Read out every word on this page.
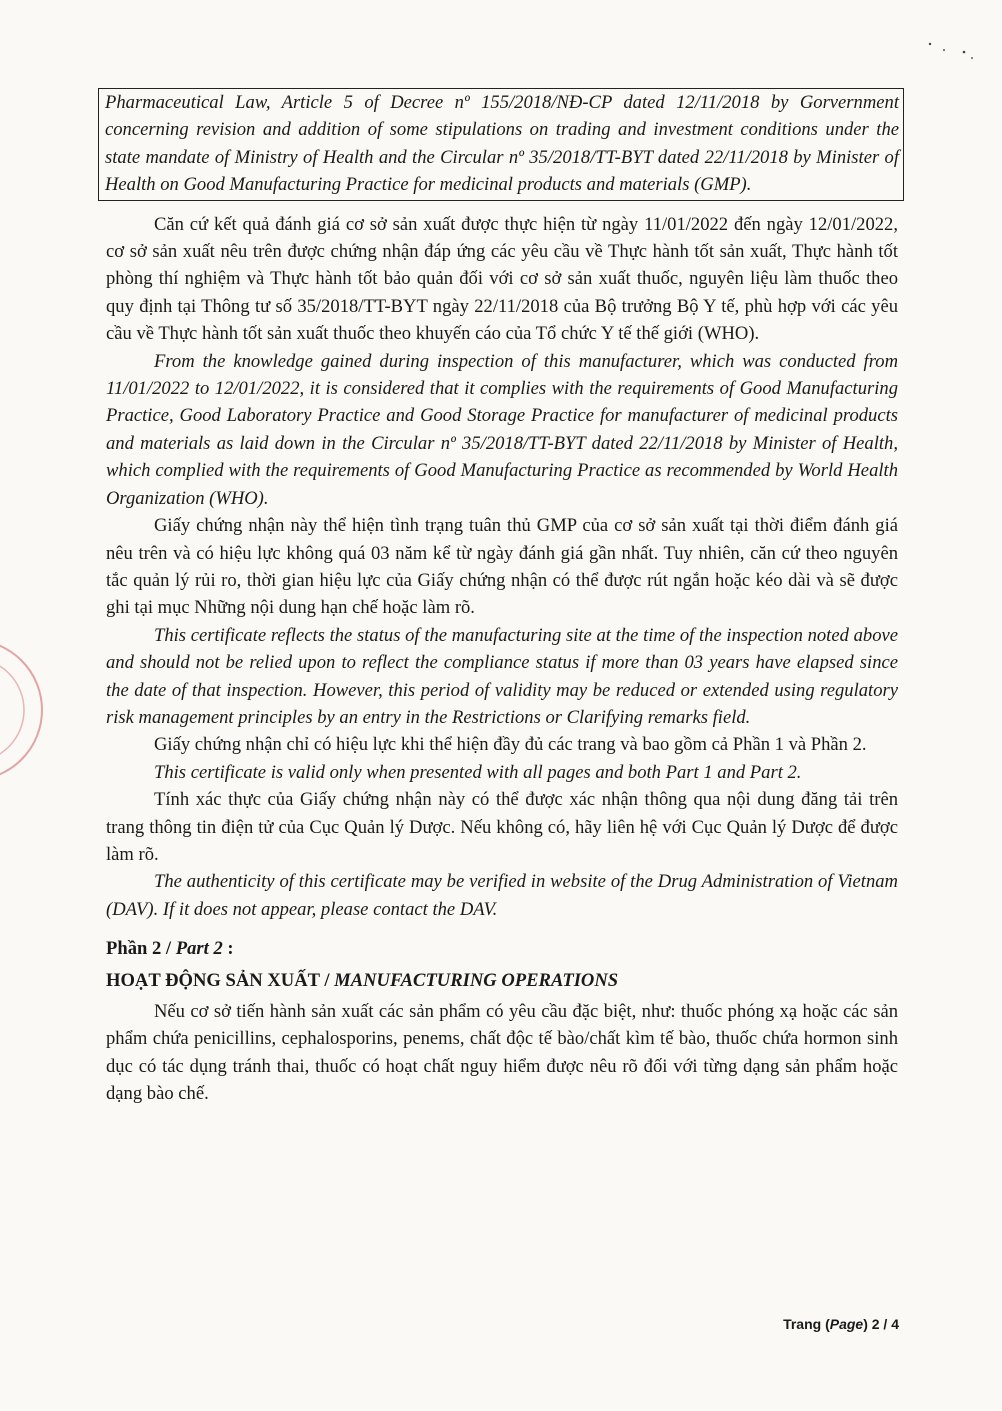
Pharmaceutical Law, Article 5 of Decree nº 155/2018/NĐ-CP dated 12/11/2018 by Gorvernment concerning revision and addition of some stipulations on trading and investment conditions under the state mandate of Ministry of Health and the Circular nº 35/2018/TT-BYT dated 22/11/2018 by Minister of Health on Good Manufacturing Practice for medicinal products and materials (GMP).

Căn cứ kết quả đánh giá cơ sở sản xuất được thực hiện từ ngày 11/01/2022 đến ngày 12/01/2022, cơ sở sản xuất nêu trên được chứng nhận đáp ứng các yêu cầu về Thực hành tốt sản xuất, Thực hành tốt phòng thí nghiệm và Thực hành tốt bảo quản đối với cơ sở sản xuất thuốc, nguyên liệu làm thuốc theo quy định tại Thông tư số 35/2018/TT-BYT ngày 22/11/2018 của Bộ trưởng Bộ Y tế, phù hợp với các yêu cầu về Thực hành tốt sản xuất thuốc theo khuyến cáo của Tổ chức Y tế thế giới (WHO).

From the knowledge gained during inspection of this manufacturer, which was conducted from 11/01/2022 to 12/01/2022, it is considered that it complies with the requirements of Good Manufacturing Practice, Good Laboratory Practice and Good Storage Practice for manufacturer of medicinal products and materials as laid down in the Circular nº 35/2018/TT-BYT dated 22/11/2018 by Minister of Health, which complied with the requirements of Good Manufacturing Practice as recommended by World Health Organization (WHO).

Giấy chứng nhận này thể hiện tình trạng tuân thủ GMP của cơ sở sản xuất tại thời điểm đánh giá nêu trên và có hiệu lực không quá 03 năm kể từ ngày đánh giá gần nhất. Tuy nhiên, căn cứ theo nguyên tắc quản lý rủi ro, thời gian hiệu lực của Giấy chứng nhận có thể được rút ngắn hoặc kéo dài và sẽ được ghi tại mục Những nội dung hạn chế hoặc làm rõ.

This certificate reflects the status of the manufacturing site at the time of the inspection noted above and should not be relied upon to reflect the compliance status if more than 03 years have elapsed since the date of that inspection. However, this period of validity may be reduced or extended using regulatory risk management principles by an entry in the Restrictions or Clarifying remarks field.

Giấy chứng nhận chỉ có hiệu lực khi thể hiện đầy đủ các trang và bao gồm cả Phần 1 và Phần 2.

This certificate is valid only when presented with all pages and both Part 1 and Part 2.

Tính xác thực của Giấy chứng nhận này có thể được xác nhận thông qua nội dung đăng tải trên trang thông tin điện tử của Cục Quản lý Dược. Nếu không có, hãy liên hệ với Cục Quản lý Dược để được làm rõ.

The authenticity of this certificate may be verified in website of the Drug Administration of Vietnam (DAV). If it does not appear, please contact the DAV.

Phần 2 / Part 2 :

HOẠT ĐỘNG SẢN XUẤT / MANUFACTURING OPERATIONS

Nếu cơ sở tiến hành sản xuất các sản phẩm có yêu cầu đặc biệt, như: thuốc phóng xạ hoặc các sản phẩm chứa penicillins, cephalosporins, penems, chất độc tế bào/chất kìm tế bào, thuốc chứa hormon sinh dục có tác dụng tránh thai, thuốc có hoạt chất nguy hiểm được nêu rõ đối với từng dạng sản phẩm hoặc dạng bào chế.

Trang (Page) 2 / 4
